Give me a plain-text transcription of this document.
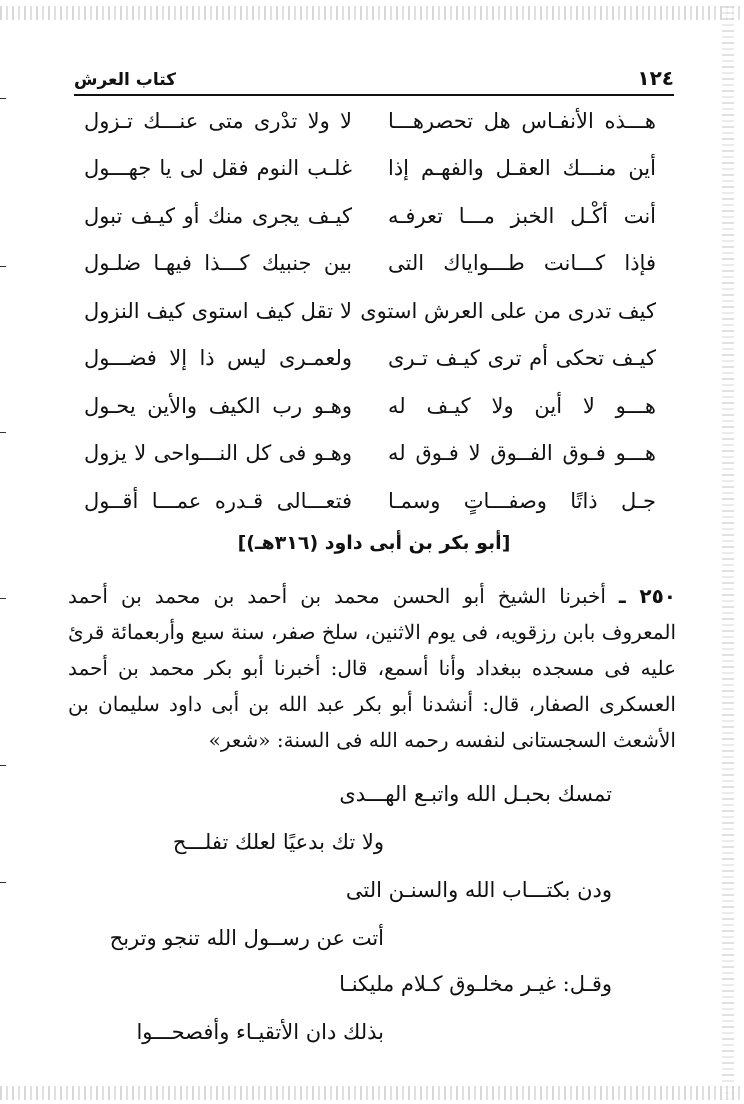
١٢٤
كتاب العرش
هـــذه الأنفـاس هل تحصرهـــا
لا ولا تدْرى متى عنـــك تـزول
أين منـــك العقـل والفهـم إذا
غلـب النوم فقل لى يا جهـــول
أنت أكْـل الخبز مـــا تعرفـه
كيـف يجرى منك أو كيـف تبول
فإذا كـــانت طـــواياك التى
بين جنبيك كـــذا فيهـا ضلـول
كيف تدرى من على العرش استوى
لا تقل كيف استوى كيف النزول
كيـف تحكى أم ترى كيـف تـرى
ولعمـرى ليس ذا إلا فضـــول
هـــو لا أين ولا كيـف له
وهـو رب الكيف والأين يحـول
هـــو فـوق الفــوق لا فـوق له
وهـو فى كل النـــواحى لا يزول
جـل ذاتًا وصفـــاتٍ وسمـا
فتعـــالى قـدره عمـــا أقــول
[أبو بكر بن أبى داود (٣١٦هـ)]
٢٥٠ ـ أخبرنا الشيخ أبو الحسن محمد بن أحمد بن محمد بن أحمد
المعروف بابن رزقويه، فى يوم الاثنين، سلخ صفر، سنة سبع وأربعمائة قرئ
عليه فى مسجده ببغداد وأنا أسمع، قال: أخبرنا أبو بكر محمد بن أحمد
العسكرى الصفار، قال: أنشدنا أبو بكر عبد الله بن أبى داود سليمان بن
الأشعث السجستانى لنفسه رحمه الله فى السنة: «شعر»
تمسك بحبـل الله واتبـع الهـــدى
ولا تك بدعيًا لعلك تفلـــح
ودن بكتـــاب الله والسنـن التى
أتت عن رســول الله تنجو وتربح
وقـل: غيـر مخلـوق كـلام مليكنـا
بذلك دان الأتقيـاء وأفصحـــوا
